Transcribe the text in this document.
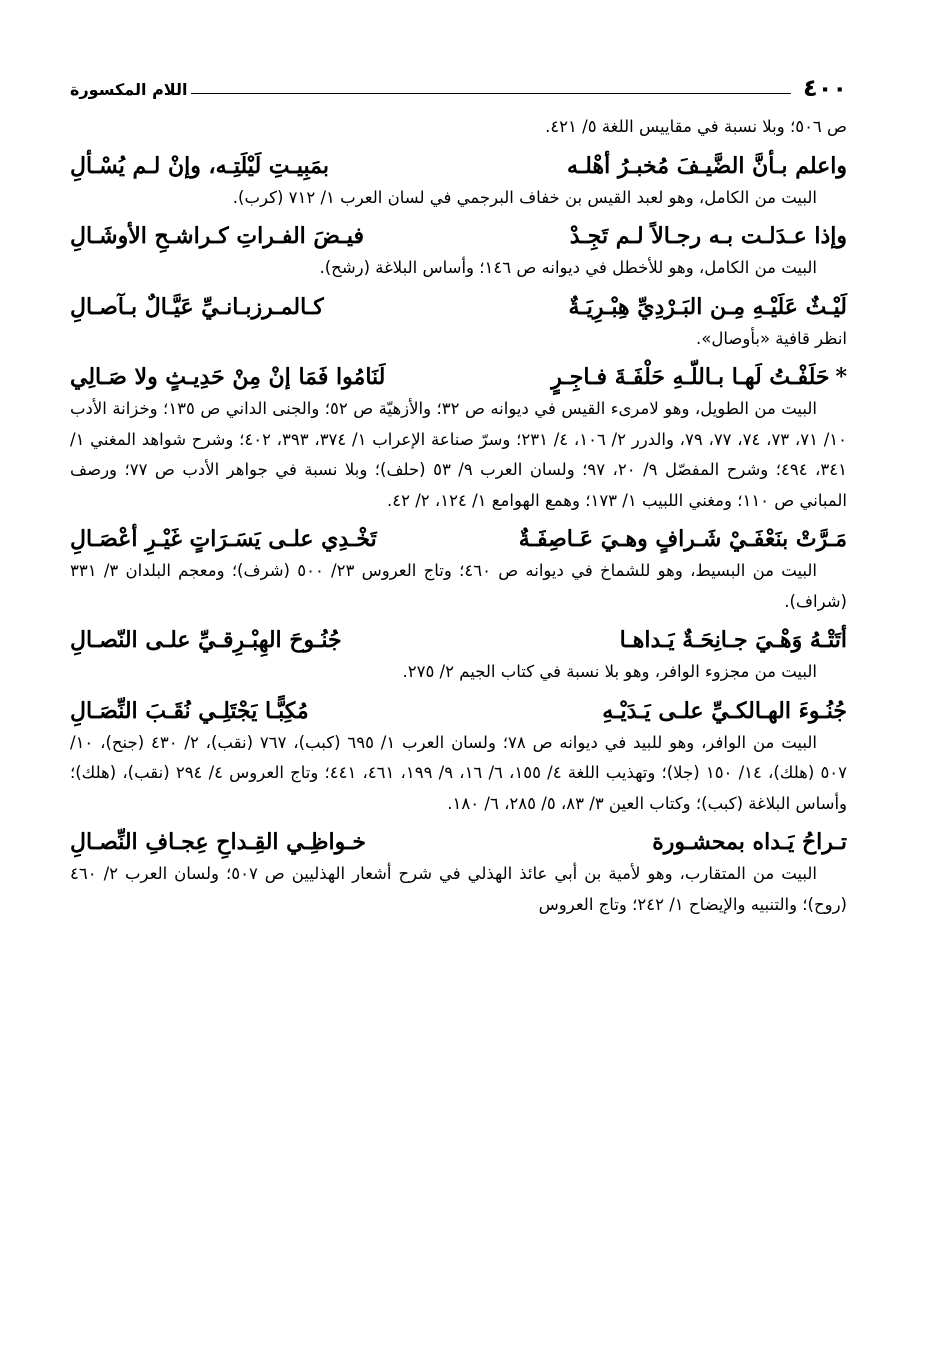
٤٠٠
اللام المكسورة

ص ٥٠٦؛ وبلا نسبة في مقاييس اللغة ٥/ ٤٢١.

واعلم بـأنَّ الضَّيـفَ مُخبـرُ أهْلـه
بمَبِيـتِ لَيْلَتِـه، وإنْ لـم يُسْـألِ

البيت من الكامل، وهو لعبد القيس بن خفاف البرجمي في لسان العرب ١/ ٧١٢ (كرب).

وإذا عـدَلـت بـه رجـالاً لـم تَجِـدْ
فيـضَ الفـراتِ كـراشـحِ الأوشَـالِ

البيت من الكامل، وهو للأخطل في ديوانه ص ١٤٦؛ وأساس البلاغة (رشح).

لَيْـثٌ عَلَيْـهِ مِـن البَـرْدِيِّ هِبْـرِيَـةٌ
كـالمـرزبـانـيِّ عَيَّـالٌ بـآصـالِ

انظر قافية «بأوصال».

*حَلَفْـتُ لَهـا بـاللّـهِ حَلْفَـةَ فـاجِـرٍ
لَنَامُوا فَمَا إنْ مِنْ حَدِيـثٍ ولا صَـالِي

البيت من الطويل، وهو لامرىء القيس في ديوانه ص ٣٢؛ والأزهيّة ص ٥٢؛ والجنى الداني ص ١٣٥؛ وخزانة الأدب ١٠/ ٧١، ٧٣، ٧٤، ٧٧، ٧٩، والدرر ٢/ ١٠٦، ٤/ ٢٣١؛ وسرّ صناعة الإعراب ١/ ٣٧٤، ٣٩٣، ٤٠٢؛ وشرح شواهد المغني ١/ ٣٤١، ٤٩٤؛ وشرح المفصّل ٩/ ٢٠، ٩٧؛ ولسان العرب ٩/ ٥٣ (حلف)؛ وبلا نسبة في جواهر الأدب ص ٧٧؛ ورصف المباني ص ١١٠؛ ومغني اللبيب ١/ ١٧٣؛ وهمع الهوامع ١/ ١٢٤، ٢/ ٤٢.

مَـرَّتْ بنَعْفَـيْ شَـرافٍ وهـيَ عَـاصِفَـةٌ
تَخْـدِي علـى يَسَـرَاتٍ غَيْـرِ أعْصَـالِ

البيت من البسيط، وهو للشماخ في ديوانه ص ٤٦٠؛ وتاج العروس ٢٣/ ٥٠٠ (شرف)؛ ومعجم البلدان ٣/ ٣٣١ (شراف).

أتَتْـهُ وَهْـيَ جـانِحَـةٌ يَـداهـا
جُنُـوحَ الهِبْـرِقـيِّ علـى النّصـالِ

البيت من مجزوء الوافر، وهو بلا نسبة في كتاب الجيم ٢/ ٢٧٥.

جُنُـوءَ الهـالكـيِّ علـى يَـدَيْـهِ
مُكِبًّـا يَجْتَلِـي نُقَـبَ النِّصَـالِ

البيت من الوافر، وهو للبيد في ديوانه ص ٧٨؛ ولسان العرب ١/ ٦٩٥ (كبب)، ٧٦٧ (نقب)، ٢/ ٤٣٠ (جنح)، ١٠/ ٥٠٧ (هلك)، ١٤/ ١٥٠ (جلا)؛ وتهذيب اللغة ٤/ ١٥٥، ٦/ ١٦، ٩/ ١٩٩، ٤٦١، ٤٤١؛ وتاج العروس ٤/ ٢٩٤ (نقب)، (هلك)؛ وأساس البلاغة (كبب)؛ وكتاب العين ٣/ ٨٣، ٥/ ٢٨٥، ٦/ ١٨٠.

تـراحُ يَـداه بمحشـورة
خـواظِـي القِـداحِ عِجـافِ النِّصـالِ

البيت من المتقارب، وهو لأمية بن أبي عائذ الهذلي في شرح أشعار الهذليين ص ٥٠٧؛ ولسان العرب ٢/ ٤٦٠ (روح)؛ والتنبيه والإيضاح ١/ ٢٤٢؛ وتاج العروس
